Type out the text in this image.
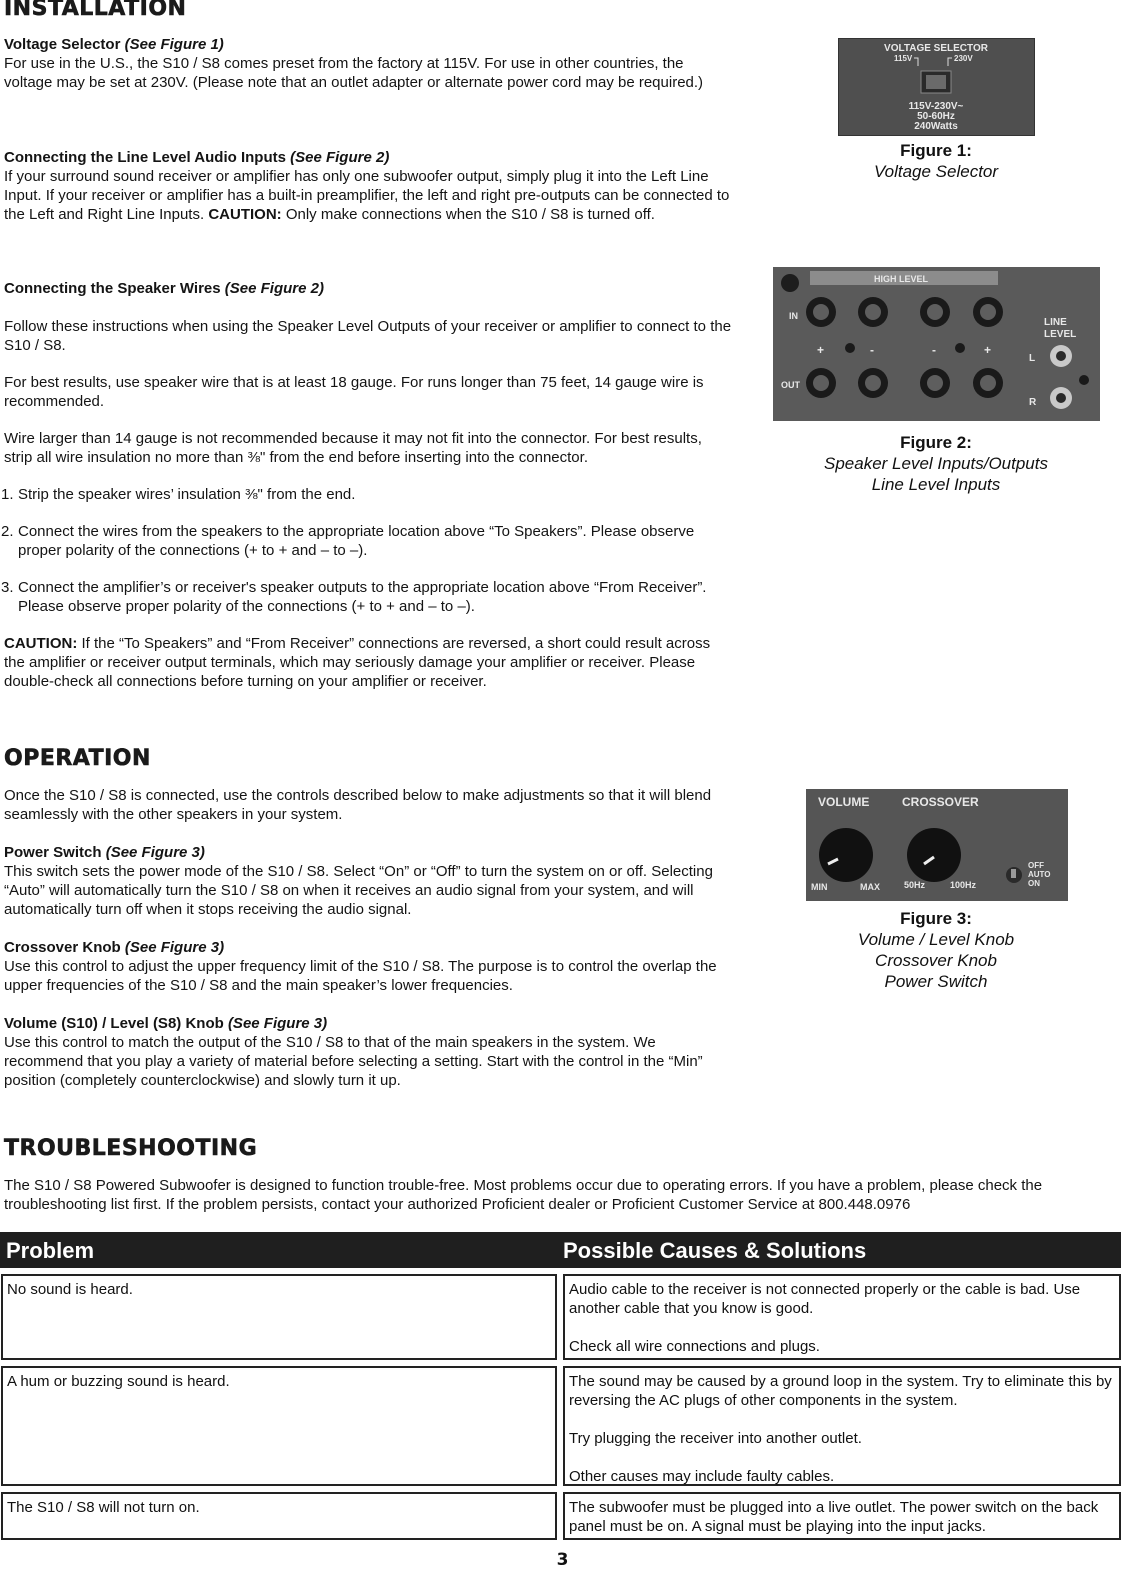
INSTALLATION

Voltage Selector (See Figure 1)

For use in the U.S., the S10 / S8 comes preset from the factory at 115V. For use in other countries, the voltage may be set at 230V. (Please note that an outlet adapter or alternate power cord may be required.)

Connecting the Line Level Audio Inputs (See Figure 2)

If your surround sound receiver or amplifier has only one subwoofer output, simply plug it into the Left Line Input. If your receiver or amplifier has a built-in preamplifier, the left and right pre-outputs can be connected to the Left and Right Line Inputs. CAUTION: Only make connections when the S10 / S8 is turned off.

Connecting the Speaker Wires (See Figure 2)

Follow these instructions when using the Speaker Level Outputs of your receiver or amplifier to connect to the S10 / S8.

For best results, use speaker wire that is at least 18 gauge. For runs longer than 75 feet, 14 gauge wire is recommended.

Wire larger than 14 gauge is not recommended because it may not fit into the connector. For best results, strip all wire insulation no more than ⅜" from the end before inserting into the connector.

1. Strip the speaker wires’ insulation ⅜" from the end.
2. Connect the wires from the speakers to the appropriate location above “To Speakers”. Please observe proper polarity of the connections (+ to + and – to –).
3. Connect the amplifier’s or receiver's speaker outputs to the appropriate location above “From Receiver”. Please observe proper polarity of the connections (+ to + and – to –).

CAUTION: If the “To Speakers” and “From Receiver” connections are reversed, a short could result across the amplifier or receiver output terminals, which may seriously damage your amplifier or receiver. Please double-check all connections before turning on your amplifier or receiver.

VOLTAGE SELECTOR
115V	230V
115V-230V~
50-60Hz
240Watts
Figure 1:
Voltage Selector
HIGH LEVEL
IN
OUT
+	-	-	+
LINE
LEVEL
L
R
Figure 2:
Speaker Level Inputs/Outputs
Line Level Inputs
OPERATION

Once the S10 / S8 is connected, use the controls described below to make adjustments so that it will blend seamlessly with the other speakers in your system.

Power Switch (See Figure 3)

This switch sets the power mode of the S10 / S8. Select “On” or “Off” to turn the system on or off. Selecting “Auto” will automatically turn the S10 / S8 on when it receives an audio signal from your system, and will automatically turn off when it stops receiving the audio signal.

Crossover Knob (See Figure 3)

Use this control to adjust the upper frequency limit of the S10 / S8. The purpose is to control the overlap the upper frequencies of the S10 / S8 and the main speaker’s lower frequencies.

Volume (S10) / Level (S8) Knob (See Figure 3)

Use this control to match the output of the S10 / S8 to that of the main speakers in the system. We recommend that you play a variety of material before selecting a setting. Start with the control in the “Min” position (completely counterclockwise) and slowly turn it up.

VOLUME	CROSSOVER
MIN	MAX	50Hz	100Hz
OFF
AUTO
ON
Figure 3:
Volume / Level Knob
Crossover Knob
Power Switch
TROUBLESHOOTING
The S10 / S8 Powered Subwoofer is designed to function trouble-free. Most problems occur due to operating errors. If you have a problem, please check the troubleshooting list first. If the problem persists, contact your authorized Proficient dealer or Proficient Customer Service at 800.448.0976
Problem	Possible Causes & Solutions

No sound is heard.	Audio cable to the receiver is not connected properly or the cable is bad. Use another cable that you know is good.

Check all wire connections and plugs.

A hum or buzzing sound is heard.	The sound may be caused by a ground loop in the system. Try to eliminate this by reversing the AC plugs of other components in the system.

Try plugging the receiver into another outlet.

Other causes may include faulty cables.

The S10 / S8 will not turn on.	The subwoofer must be plugged into a live outlet. The power switch on the back panel must be on. A signal must be playing into the input jacks.

3
